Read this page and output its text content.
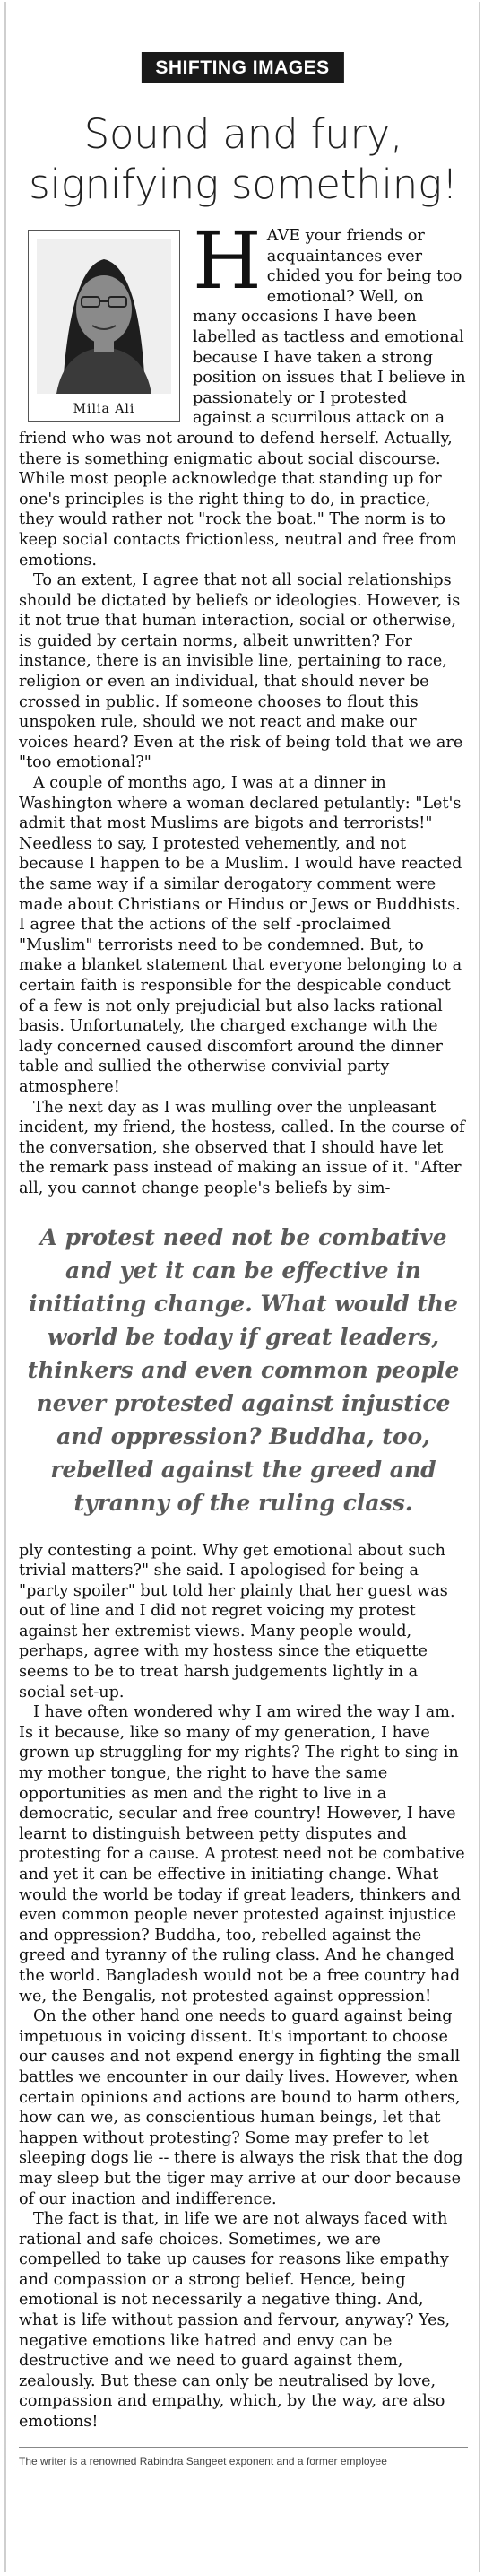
SHIFTING IMAGES
Sound and fury,
signifying something!
Milia Ali

HAVE your friends or acquaintances ever chided you for being too emotional? Well, on many occasions I have been labelled as tactless and emotional because I have taken a strong position on issues that I believe in passionately or I protested against a scurrilous attack on a friend who was not around to defend herself. Actually, there is something enigmatic about social discourse. While most people acknowledge that standing up for one's principles is the right thing to do, in practice, they would rather not "rock the boat." The norm is to keep social contacts frictionless, neutral and free from emotions.

To an extent, I agree that not all social relationships should be dictated by beliefs or ideologies. However, is it not true that human interaction, social or otherwise, is guided by certain norms, albeit unwritten? For instance, there is an invisible line, pertaining to race, religion or even an individual, that should never be crossed in public. If someone chooses to flout this unspoken rule, should we not react and make our voices heard? Even at the risk of being told that we are "too emotional?"

A couple of months ago, I was at a dinner in Washington where a woman declared petulantly: "Let's admit that most Muslims are bigots and terrorists!" Needless to say, I protested vehemently, and not because I happen to be a Muslim. I would have reacted the same way if a similar derogatory comment were made about Christians or Hindus or Jews or Buddhists. I agree that the actions of the self -proclaimed "Muslim" terrorists need to be condemned. But, to make a blanket statement that everyone belonging to a certain faith is responsible for the despicable conduct of a few is not only prejudicial but also lacks rational basis. Unfortunately, the charged exchange with the lady concerned caused discomfort around the dinner table and sullied the otherwise convivial party atmosphere!

The next day as I was mulling over the unpleasant incident, my friend, the hostess, called. In the course of the conversation, she observed that I should have let the remark pass instead of making an issue of it. "After all, you cannot change people's beliefs by sim-

A protest need not be combative and yet it can be effective in initiating change. What would the world be today if great leaders, thinkers and even common people never protested against injustice and oppression? Buddha, too, rebelled against the greed and tyranny of the ruling class.

ply contesting a point. Why get emotional about such trivial matters?" she said. I apologised for being a "party spoiler" but told her plainly that her guest was out of line and I did not regret voicing my protest against her extremist views. Many people would, perhaps, agree with my hostess since the etiquette seems to be to treat harsh judgements lightly in a social set-up.

I have often wondered why I am wired the way I am. Is it because, like so many of my generation, I have grown up struggling for my rights? The right to sing in my mother tongue, the right to have the same opportunities as men and the right to live in a democratic, secular and free country! However, I have learnt to distinguish between petty disputes and protesting for a cause. A protest need not be combative and yet it can be effective in initiating change. What would the world be today if great leaders, thinkers and even common people never protested against injustice and oppression? Buddha, too, rebelled against the greed and tyranny of the ruling class. And he changed the world. Bangladesh would not be a free country had we, the Bengalis, not protested against oppression!

On the other hand one needs to guard against being impetuous in voicing dissent. It's important to choose our causes and not expend energy in fighting the small battles we encounter in our daily lives. However, when certain opinions and actions are bound to harm others, how can we, as conscientious human beings, let that happen without protesting? Some may prefer to let sleeping dogs lie -- there is always the risk that the dog may sleep but the tiger may arrive at our door because of our inaction and indifference.

The fact is that, in life we are not always faced with rational and safe choices. Sometimes, we are compelled to take up causes for reasons like empathy and compassion or a strong belief. Hence, being emotional is not necessarily a negative thing. And, what is life without passion and fervour, anyway? Yes, negative emotions like hatred and envy can be destructive and we need to guard against them, zealously. But these can only be neutralised by love, compassion and empathy, which, by the way, are also emotions!

The writer is a renowned Rabindra Sangeet exponent and a former employee
